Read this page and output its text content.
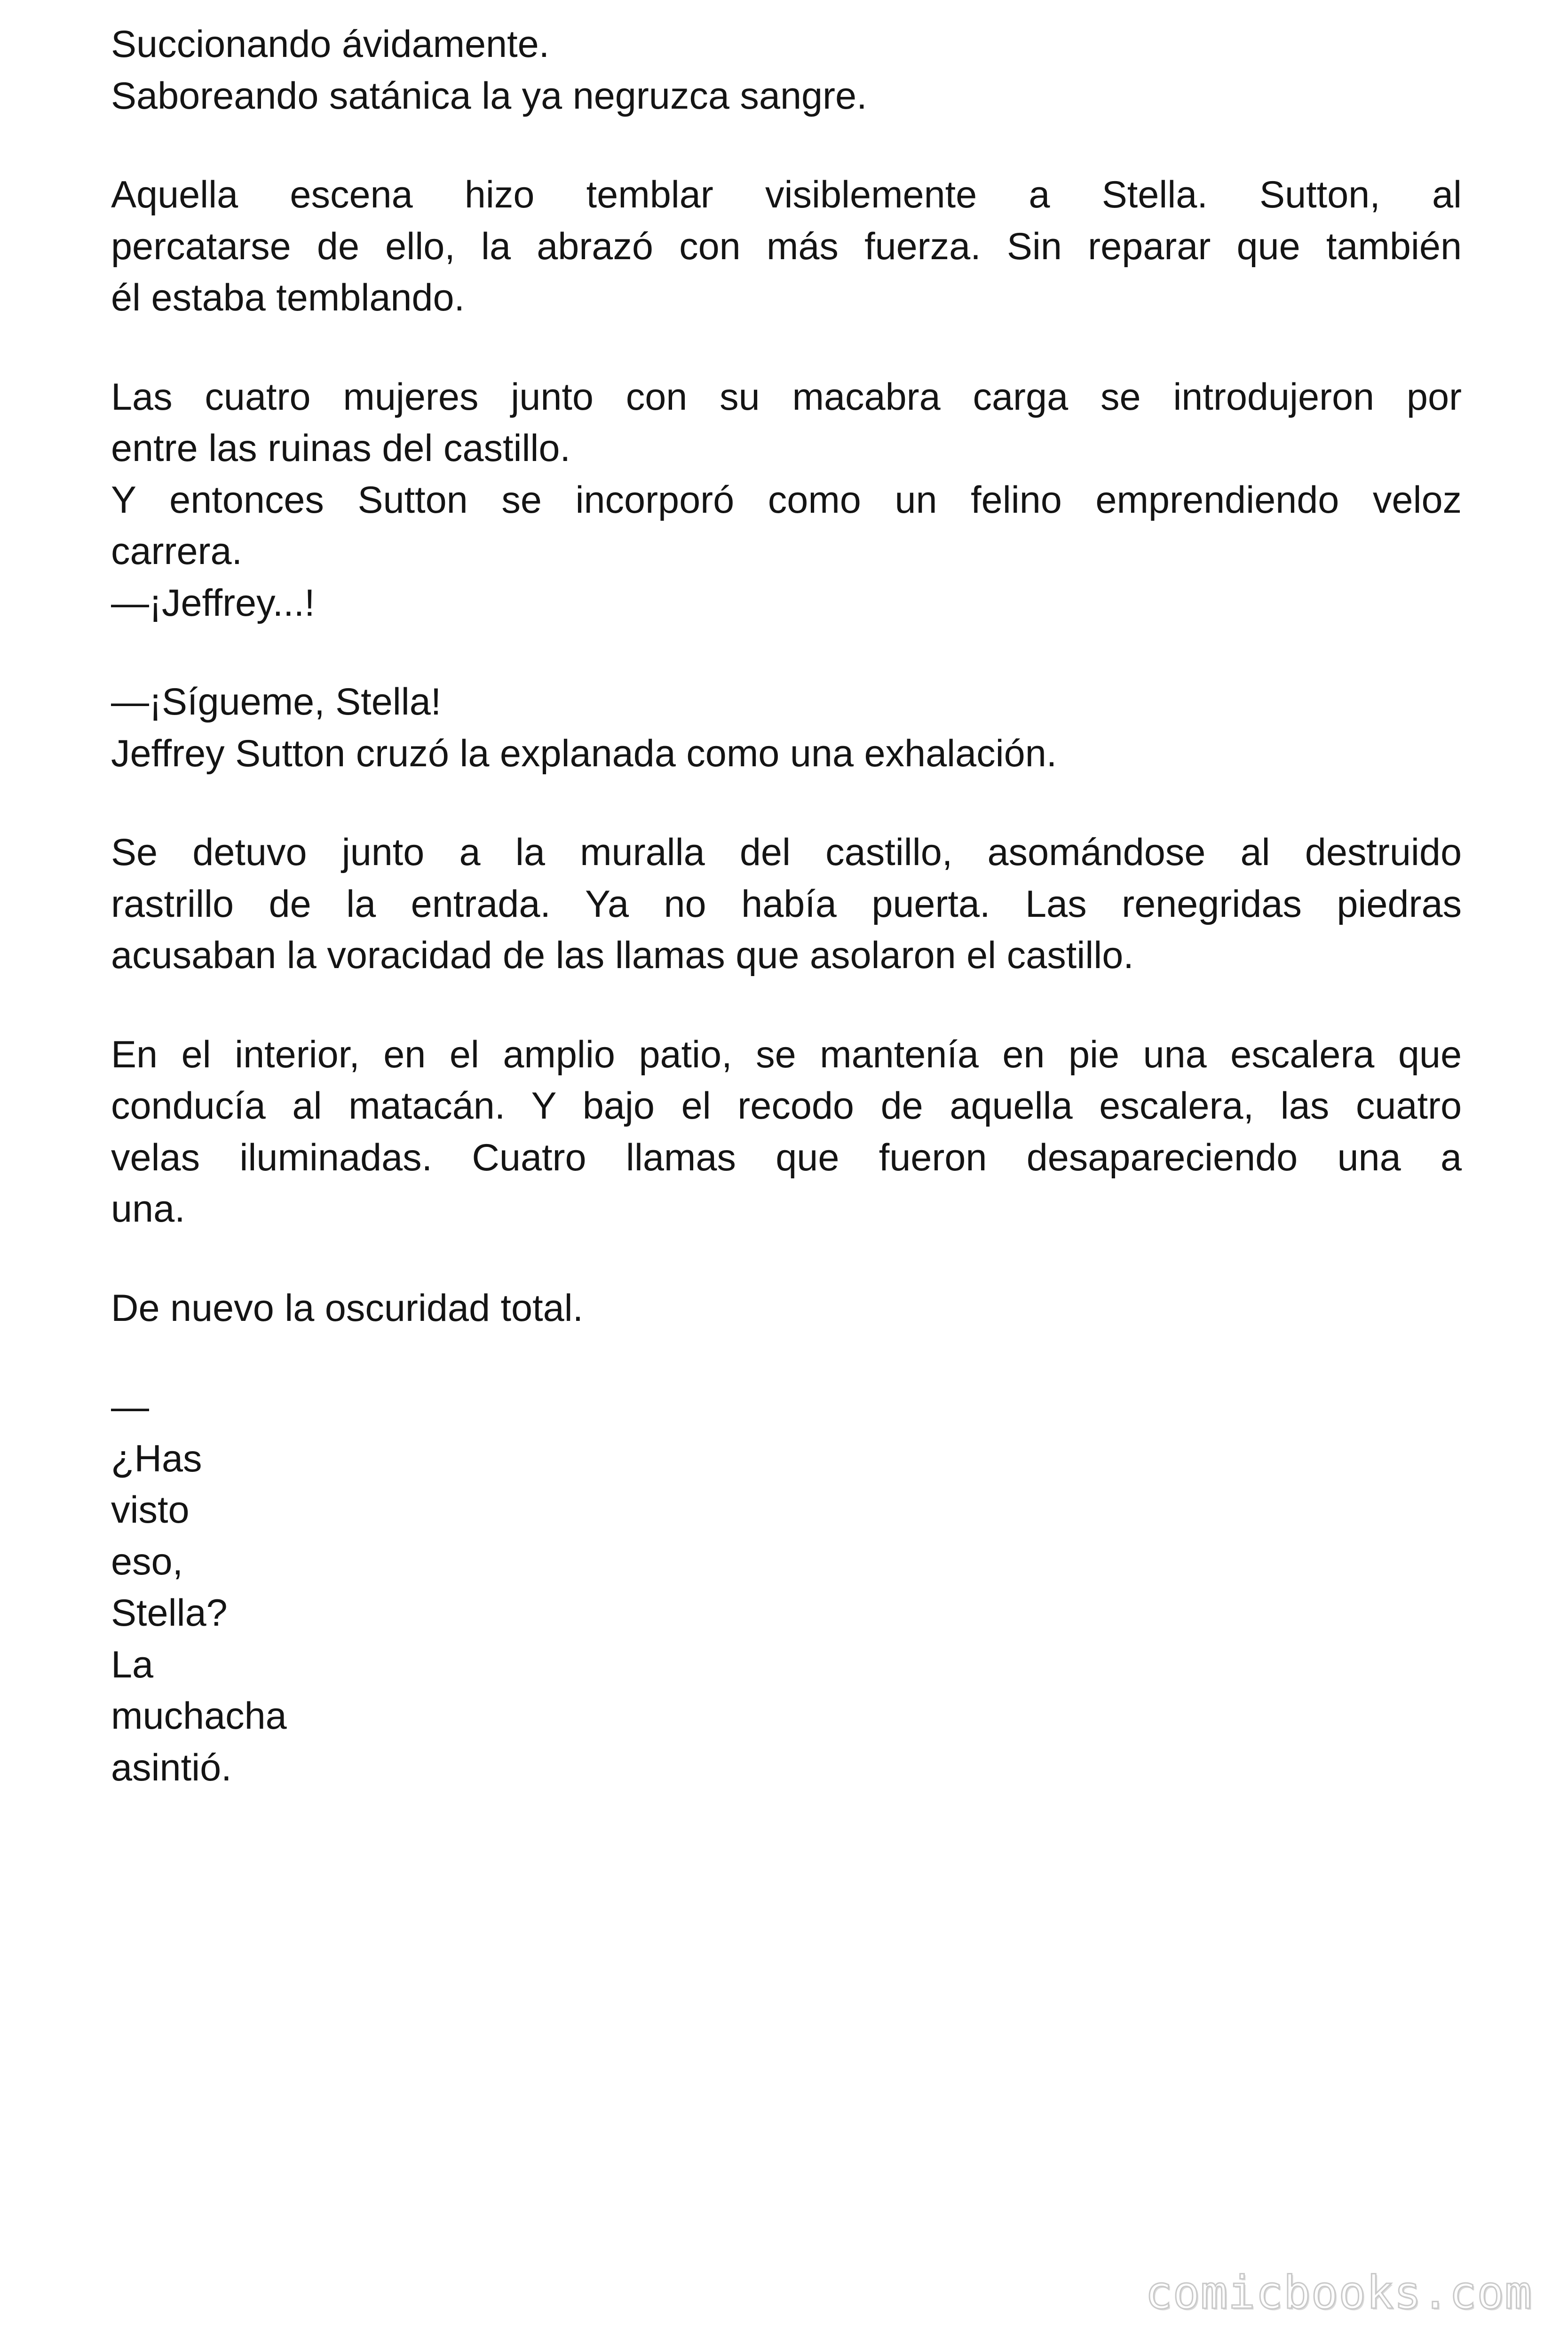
Succionando ávidamente.
Saboreando satánica la ya negruzca sangre.
Aquella escena hizo temblar visiblemente a Stella. Sutton, al
percatarse de ello, la abrazó con más fuerza. Sin reparar que también
él estaba temblando.
Las cuatro mujeres junto con su macabra carga se introdujeron por
entre las ruinas del castillo.
Y entonces Sutton se incorporó como un felino emprendiendo veloz
carrera.
—¡Jeffrey...!
—¡Sígueme, Stella!
Jeffrey Sutton cruzó la explanada como una exhalación.
Se detuvo junto a la muralla del castillo, asomándose al destruido
rastrillo de la entrada. Ya no había puerta. Las renegridas piedras
acusaban la voracidad de las llamas que asolaron el castillo.
En el interior, en el amplio patio, se mantenía en pie una escalera que
conducía al matacán. Y bajo el recodo de aquella escalera, las cuatro
velas iluminadas. Cuatro llamas que fueron desapareciendo una a
una.
De nuevo la oscuridad total.
—
¿Has
visto
eso,
Stella?
La
muchacha
asintió.
comicbooks.com
